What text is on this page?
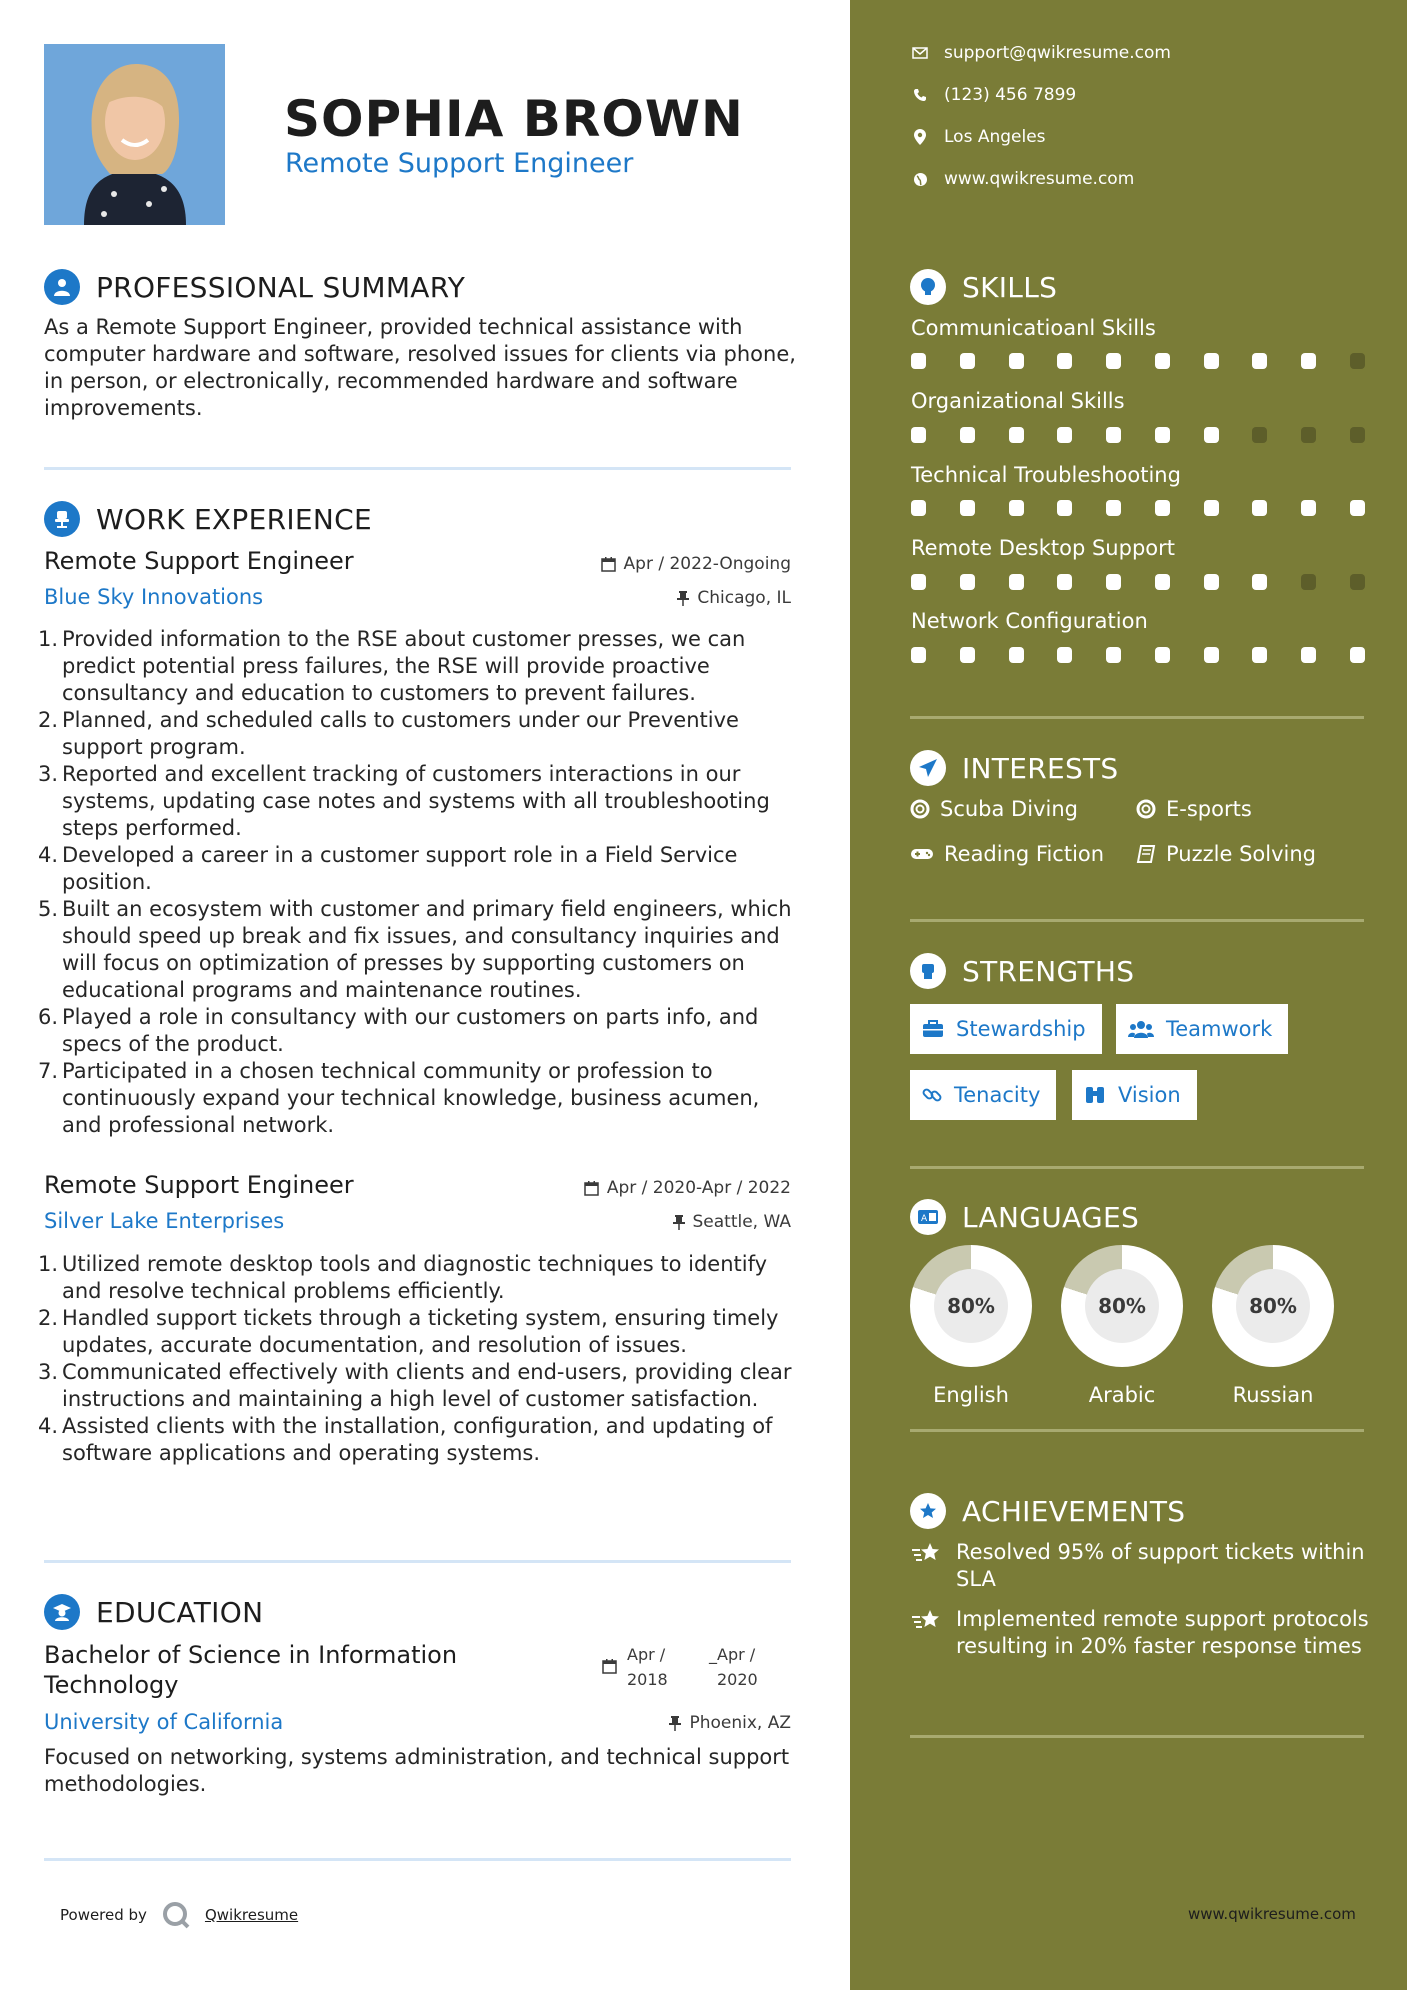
SOPHIA BROWN
Remote Support Engineer
PROFESSIONAL SUMMARY
As a Remote Support Engineer, provided technical assistance with computer hardware and software, resolved issues for clients via phone, in person, or electronically, recommended hardware and software improvements.
WORK EXPERIENCE
Remote Support Engineer	Apr / 2022-Ongoing
Blue Sky Innovations	Chicago, IL
1. Provided information to the RSE about customer presses, we can predict potential press failures, the RSE will provide proactive consultancy and education to customers to prevent failures.
2. Planned, and scheduled calls to customers under our Preventive support program.
3. Reported and excellent tracking of customers interactions in our systems, updating case notes and systems with all troubleshooting steps performed.
4. Developed a career in a customer support role in a Field Service position.
5. Built an ecosystem with customer and primary field engineers, which should speed up break and fix issues, and consultancy inquiries and will focus on optimization of presses by supporting customers on educational programs and maintenance routines.
6. Played a role in consultancy with our customers on parts info, and specs of the product.
7. Participated in a chosen technical community or profession to continuously expand your technical knowledge, business acumen, and professional network.
Remote Support Engineer	Apr / 2020-Apr / 2022
Silver Lake Enterprises	Seattle, WA
1. Utilized remote desktop tools and diagnostic techniques to identify and resolve technical problems efficiently.
2. Handled support tickets through a ticketing system, ensuring timely updates, accurate documentation, and resolution of issues.
3. Communicated effectively with clients and end-users, providing clear instructions and maintaining a high level of customer satisfaction.
4. Assisted clients with the installation, configuration, and updating of software applications and operating systems.
EDUCATION
Bachelor of Science in Information Technology
Apr /
2018
_Apr /
2020
University of California	Phoenix, AZ
Focused on networking, systems administration, and technical support methodologies.
Powered by	Qwikresume
support@qwikresume.com
(123) 456 7899
Los Angeles
www.qwikresume.com
SKILLS
Communicatioanl Skills
Organizational Skills
Technical Troubleshooting
Remote Desktop Support
Network Configuration
INTERESTS
Scuba Diving	E-sports
Reading Fiction	Puzzle Solving
STRENGTHS
Stewardship	Teamwork
Tenacity	Vision
A LANGUAGES
80%
English
80%
Arabic
80%
Russian
ACHIEVEMENTS
Resolved 95% of support tickets within SLA
Implemented remote support protocols resulting in 20% faster response times
www.qwikresume.com
